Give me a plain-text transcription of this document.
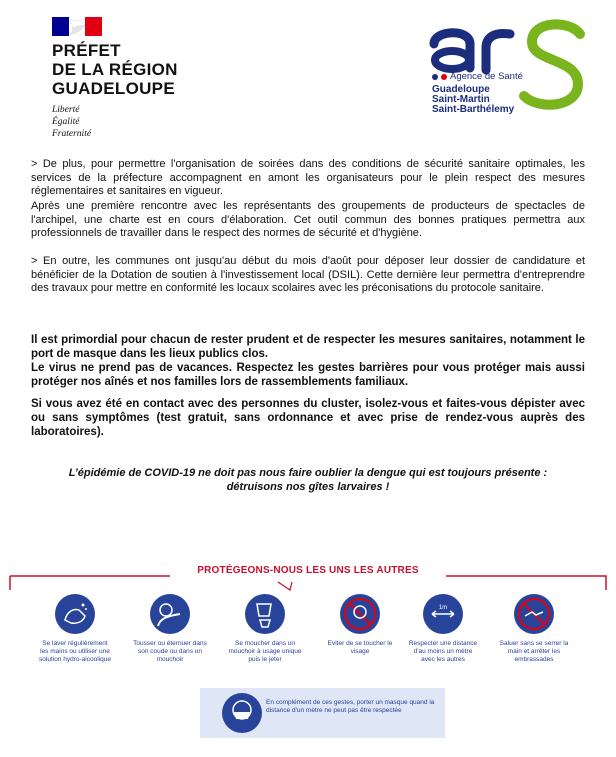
PRÉFET
DE LA RÉGION
GUADELOUPE
Liberté
Égalité
Fraternité
Agence de Santé
Guadeloupe
Saint-Martin
Saint-Barthélemy
> De plus, pour permettre l'organisation de soirées dans des conditions de sécurité sanitaire optimales, les services de la préfecture accompagnent en amont les organisateurs pour le plein respect des mesures réglementaires et sanitaires en vigueur.
Après une première rencontre avec les représentants des groupements de producteurs de spectacles de l'archipel, une charte est en cours d'élaboration. Cet outil commun des bonnes pratiques permettra aux professionnels de travailler dans le respect des normes de sécurité et d'hygiène.
> En outre, les communes ont jusqu'au début du mois d'août pour déposer leur dossier de candidature et bénéficier de la Dotation de soutien à l'investissement local (DSIL). Cette dernière leur permettra d'entreprendre des travaux pour mettre en conformité les locaux scolaires avec les préconisations du protocole sanitaire.
Il est primordial pour chacun de rester prudent et de respecter les mesures sanitaires, notamment le port de masque dans les lieux publics clos.
Le virus ne prend pas de vacances. Respectez les gestes barrières pour vous protéger mais aussi protéger nos aînés et nos familles lors de rassemblements familiaux.
Si vous avez été en contact avec des personnes du cluster, isolez-vous et faites-vous dépister avec ou sans symptômes (test gratuit, sans ordonnance et avec prise de rendez-vous auprès des laboratoires).
L’épidémie de COVID-19 ne doit pas nous faire oublier la dengue qui est toujours présente :
détruisons nos gîtes larvaires !
PROTÉGEONS-NOUS LES UNS LES AUTRES
Se laver régulièrement les mains ou utiliser une solution hydro-alcoolique
Tousser ou éternuer dans son coude ou dans un mouchoir
Se moucher dans un mouchoir à usage unique puis le jeter
Eviter de se toucher le visage
1m
Respecter une distance d'au moins un mètre avec les autres
Saluer sans se serrer la main et arrêter les embrassades
En complément de ces gestes, porter un masque quand la distance d'un mètre ne peut pas être respectée
